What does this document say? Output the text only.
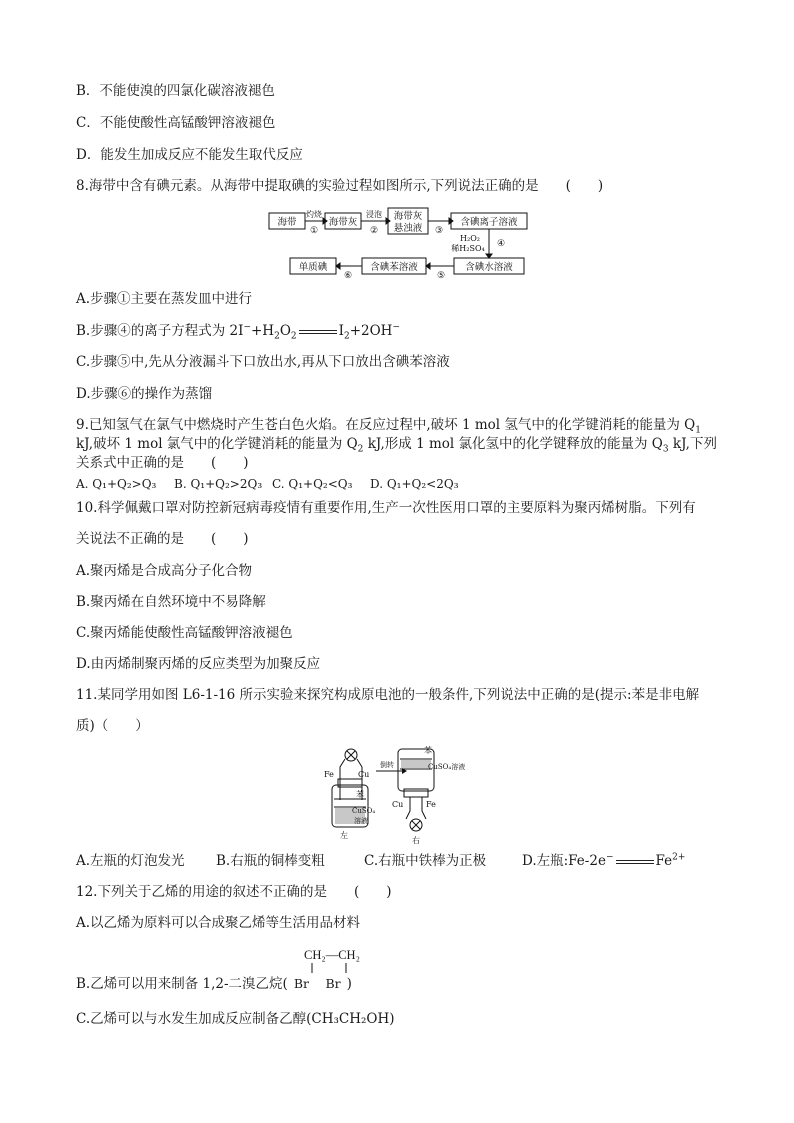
B．不能使溴的四氯化碳溶液褪色
C．不能使酸性高锰酸钾溶液褪色
D．能发生加成反应不能发生取代反应
8.海带中含有碘元素。从海带中提取碘的实验过程如图所示,下列说法正确的是　　(　　)
海带
灼烧
①
海带灰
浸泡
②
海带灰
悬浊液 ③
含碘离子溶液
H₂O₂
稀H₂SO₄ ④
含碘水溶液
⑤
含碘苯溶液
⑥
单质碘
A.步骤①主要在蒸发皿中进行
B.步骤④的离子方程式为 $2I^-+H_2O_2$	$I_2+2OH^-$
C.步骤⑤中,先从分液漏斗下口放出水,再从下口放出含碘苯溶液
D.步骤⑥的操作为蒸馏
9.已知氢气在氯气中燃烧时产生苍白色火焰。在反应过程中,破坏 1 mol 氢气中的化学键消耗的能量为 $Q_1$
kJ,破坏 1 mol 氯气中的化学键消耗的能量为 $Q_2$ kJ,形成 1 mol 氯化氢中的化学键释放的能量为 $Q_3$ kJ,下列
关系式中正确的是　　(　　)
A. Q₁+Q₂>Q₃ B. Q₁+Q₂>2Q₃ C. Q₁+Q₂<Q₃ D. Q₁+Q₂<2Q₃
10.科学佩戴口罩对防控新冠病毒疫情有重要作用,生产一次性医用口罩的主要原料为聚丙烯树脂。下列有
关说法不正确的是　　(　　)
A.聚丙烯是合成高分子化合物
B.聚丙烯在自然环境中不易降解
C.聚丙烯能使酸性高锰酸钾溶液褪色
D.由丙烯制聚丙烯的反应类型为加聚反应
11.某同学用如图 L6-1-16 所示实验来探究构成原电池的一般条件,下列说法中正确的是(提示:苯是非电解
质)（　　）
Fe	Cu
苯
CuSO₄
溶液
左
倒转
苯
CuSO₄溶液
Cu	Fe
右
A.左瓶的灯泡发光 B.右瓶的铜棒变粗	C.右瓶中铁棒为正极	D.左瓶:Fe-2e−	$Fe^{2+}$
12.下列关于乙烯的用途的叙述不正确的是　　(　　)
A.以乙烯为原料可以合成聚乙烯等生活用品材料
CH₂—CH₂
B.乙烯可以用来制备 1,2-二溴乙烷( Br　 Br )
C.乙烯可以与水发生加成反应制备乙醇(CH₃CH₂OH)
